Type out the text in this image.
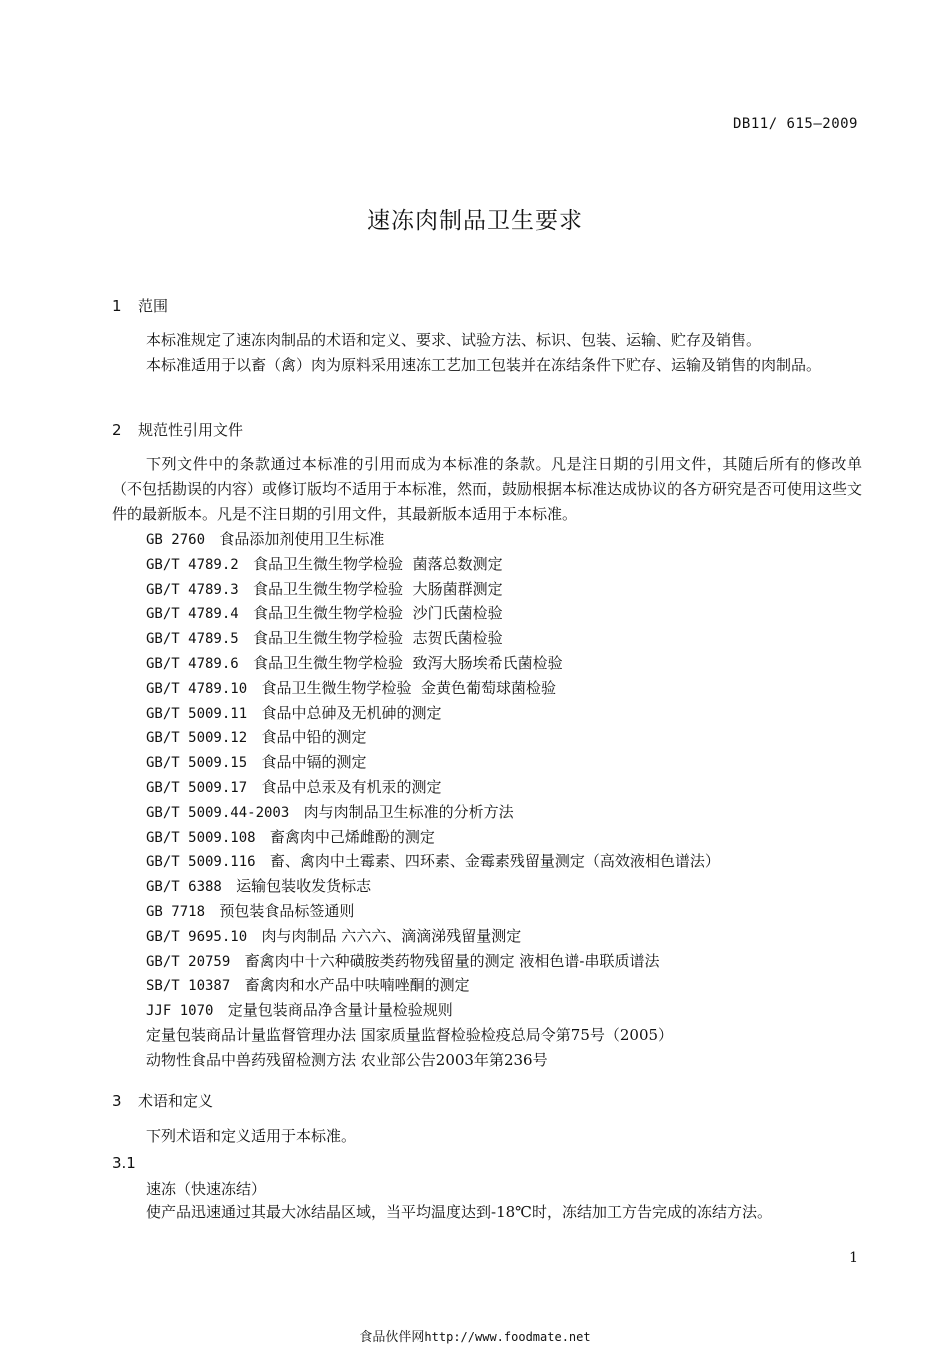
DB11/ 615—2009
速冻肉制品卫生要求
1 范围
本标准规定了速冻肉制品的术语和定义、要求、试验方法、标识、包装、运输、贮存及销售。
本标准适用于以畜（禽）肉为原料采用速冻工艺加工包装并在冻结条件下贮存、运输及销售的肉制品。
2 规范性引用文件
下列文件中的条款通过本标准的引用而成为本标准的条款。凡是注日期的引用文件，其随后所有的修改单（不包括勘误的内容）或修订版均不适用于本标准，然而，鼓励根据本标准达成协议的各方研究是否可使用这些文件的最新版本。凡是不注日期的引用文件，其最新版本适用于本标准。
GB 2760 食品添加剂使用卫生标准
GB/T 4789.2 食品卫生微生物学检验  菌落总数测定
GB/T 4789.3 食品卫生微生物学检验  大肠菌群测定
GB/T 4789.4 食品卫生微生物学检验  沙门氏菌检验
GB/T 4789.5 食品卫生微生物学检验  志贺氏菌检验
GB/T 4789.6 食品卫生微生物学检验  致泻大肠埃希氏菌检验
GB/T 4789.10 食品卫生微生物学检验  金黄色葡萄球菌检验
GB/T 5009.11 食品中总砷及无机砷的测定
GB/T 5009.12 食品中铅的测定
GB/T 5009.15 食品中镉的测定
GB/T 5009.17 食品中总汞及有机汞的测定
GB/T 5009.44-2003 肉与肉制品卫生标准的分析方法
GB/T 5009.108 畜禽肉中己烯雌酚的测定
GB/T 5009.116 畜、禽肉中土霉素、四环素、金霉素残留量测定（高效液相色谱法）
GB/T 6388 运输包装收发货标志
GB 7718 预包装食品标签通则
GB/T 9695.10 肉与肉制品 六六六、滴滴涕残留量测定
GB/T 20759 畜禽肉中十六种磺胺类药物残留量的测定 液相色谱-串联质谱法
SB/T 10387 畜禽肉和水产品中呋喃唑酮的测定
JJF 1070 定量包装商品净含量计量检验规则
定量包装商品计量监督管理办法 国家质量监督检验检疫总局令第75号（2005）
动物性食品中兽药残留检测方法 农业部公告2003年第236号
3 术语和定义
下列术语和定义适用于本标准。
3.1
速冻（快速冻结）
使产品迅速通过其最大冰结晶区域，当平均温度达到-18℃时，冻结加工方告完成的冻结方法。
1
食品伙伴网http://www.foodmate.net
